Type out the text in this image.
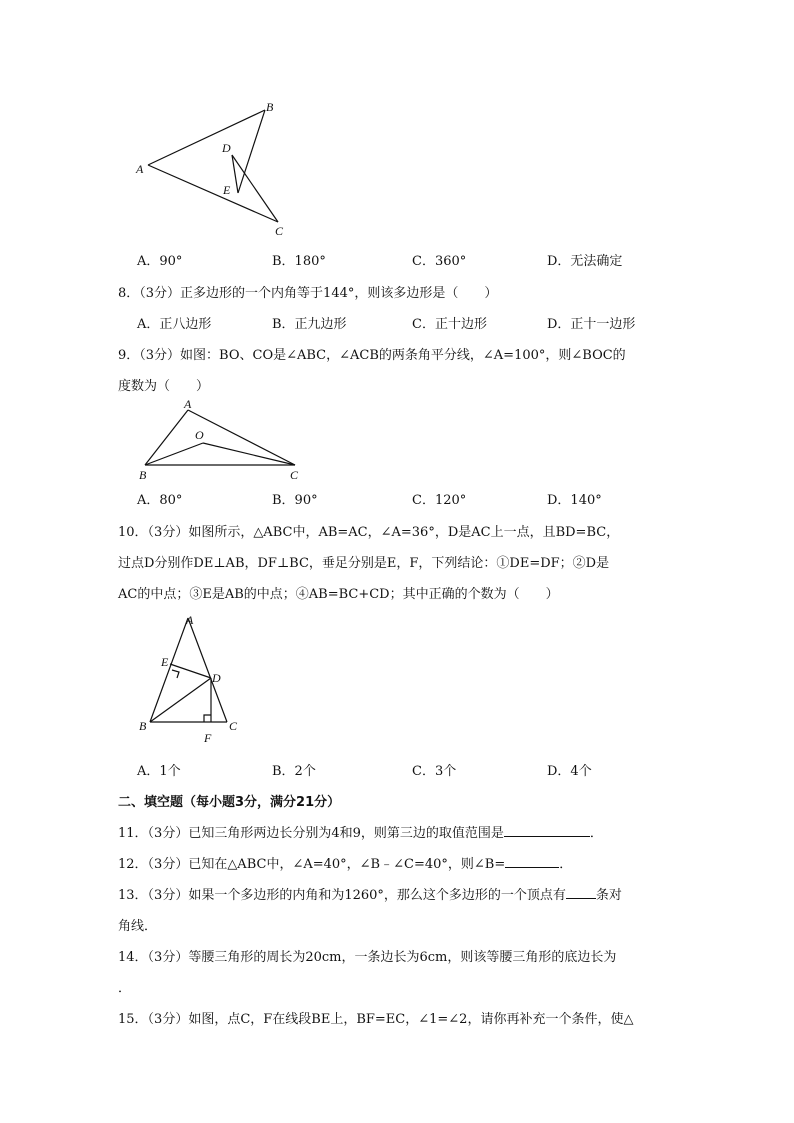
A
B
C
D
E
A．90°	B．180°	C．360°	D．无法确定
8．（3分）正多边形的一个内角等于144°，则该多边形是（　　）
A．正八边形	B．正九边形	C．正十边形	D．正十一边形
9．（3分）如图：BO、CO是∠ABC，∠ACB的两条角平分线，∠A=100°，则∠BOC的
度数为（　　）
A
O
B	C
A．80°	B．90°	C．120°	D．140°
10．（3分）如图所示，△ABC中，AB=AC，∠A=36°，D是AC上一点，且BD=BC，
过点D分别作DE⊥AB，DF⊥BC，垂足分别是E，F，下列结论：①DE=DF；②D是
AC的中点；③E是AB的中点；④AB=BC+CD；其中正确的个数为（　　）
A
E
D
B
F
C
A．1个	B．2个	C．3个	D．4个
二、填空题（每小题3分，满分21分）
11．（3分）已知三角形两边长分别为4和9，则第三边的取值范围是	．
12．（3分）已知在△ABC中，∠A=40°，∠B﹣∠C=40°，则∠B=	．
13．（3分）如果一个多边形的内角和为1260°，那么这个多边形的一个顶点有 条对
角线．
14．（3分）等腰三角形的周长为20cm，一条边长为6cm，则该等腰三角形的底边长为
．
15．（3分）如图，点C，F在线段BE上，BF=EC，∠1=∠2，请你再补充一个条件，使△
